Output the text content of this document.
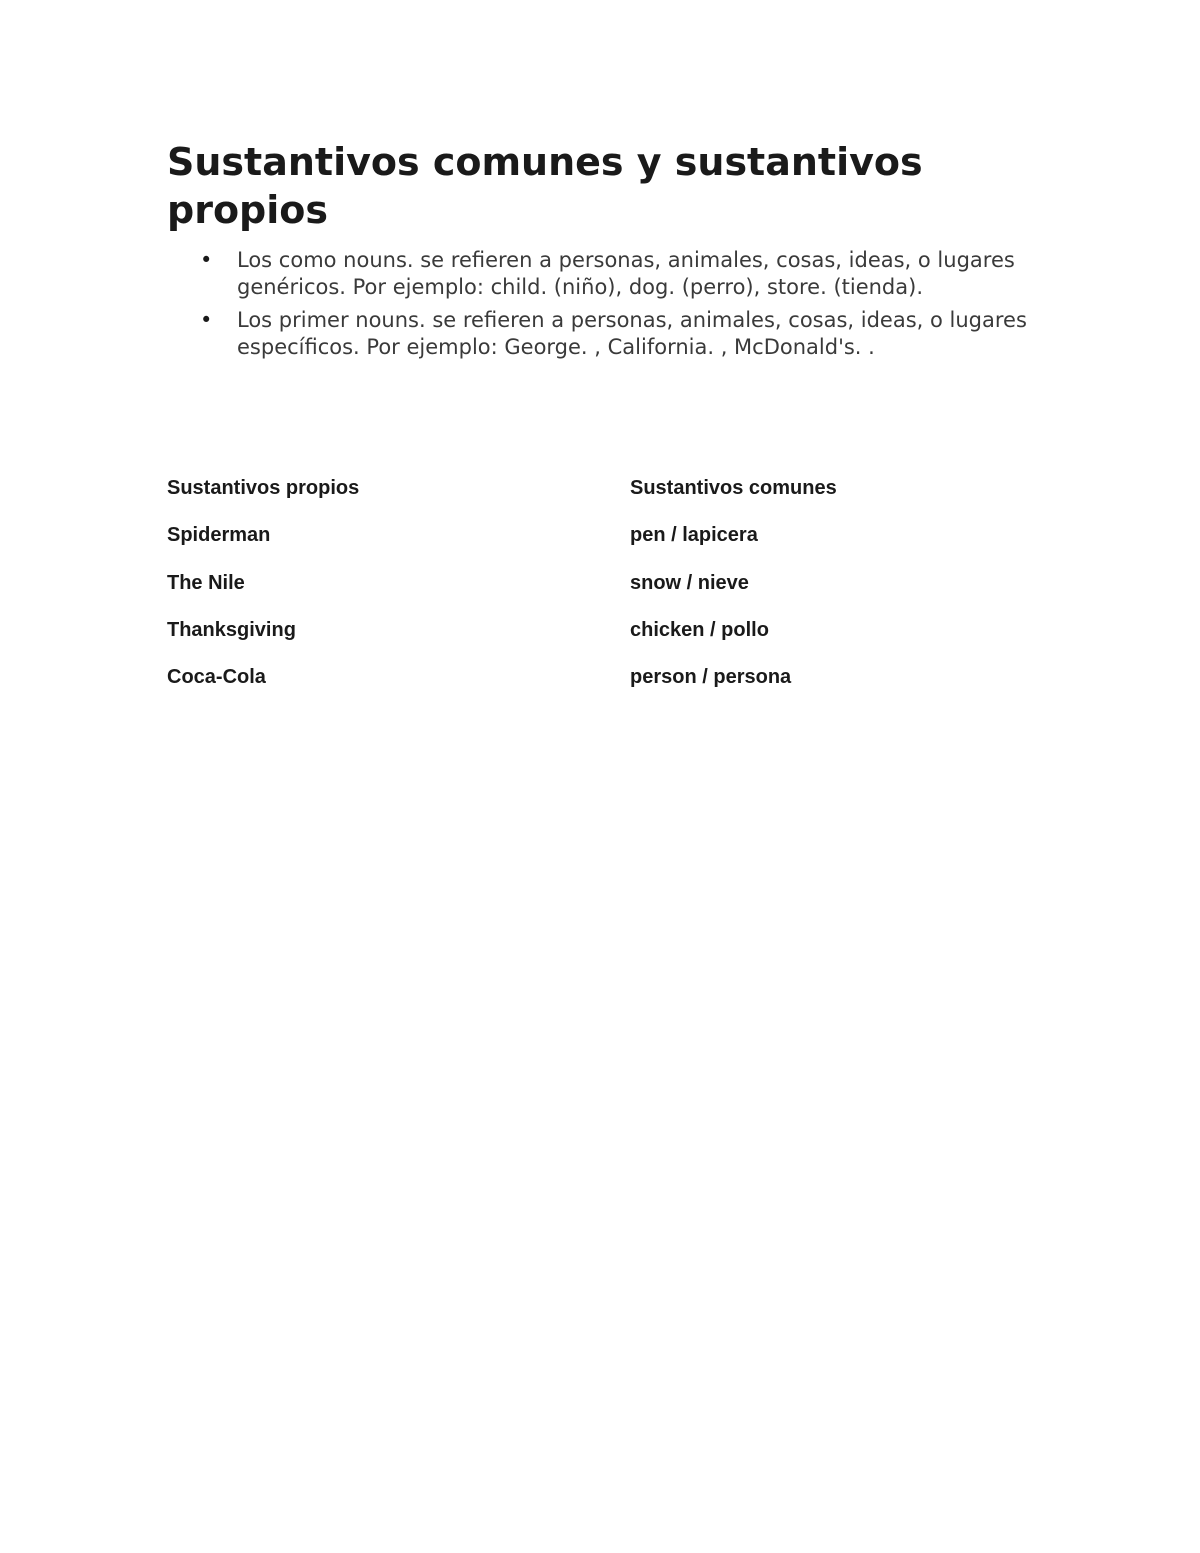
Sustantivos comunes y sustantivos propios
• Los como nouns. se refieren a personas, animales, cosas, ideas, o lugares genéricos. Por ejemplo: child. (niño), dog. (perro), store. (tienda).
• Los primer nouns. se refieren a personas, animales, cosas, ideas, o lugares específicos. Por ejemplo: George. , California. , McDonald's. .
Sustantivos propios	Sustantivos comunes
Spiderman	pen / lapicera
The Nile	snow / nieve
Thanksgiving	chicken / pollo
Coca-Cola	person / persona
